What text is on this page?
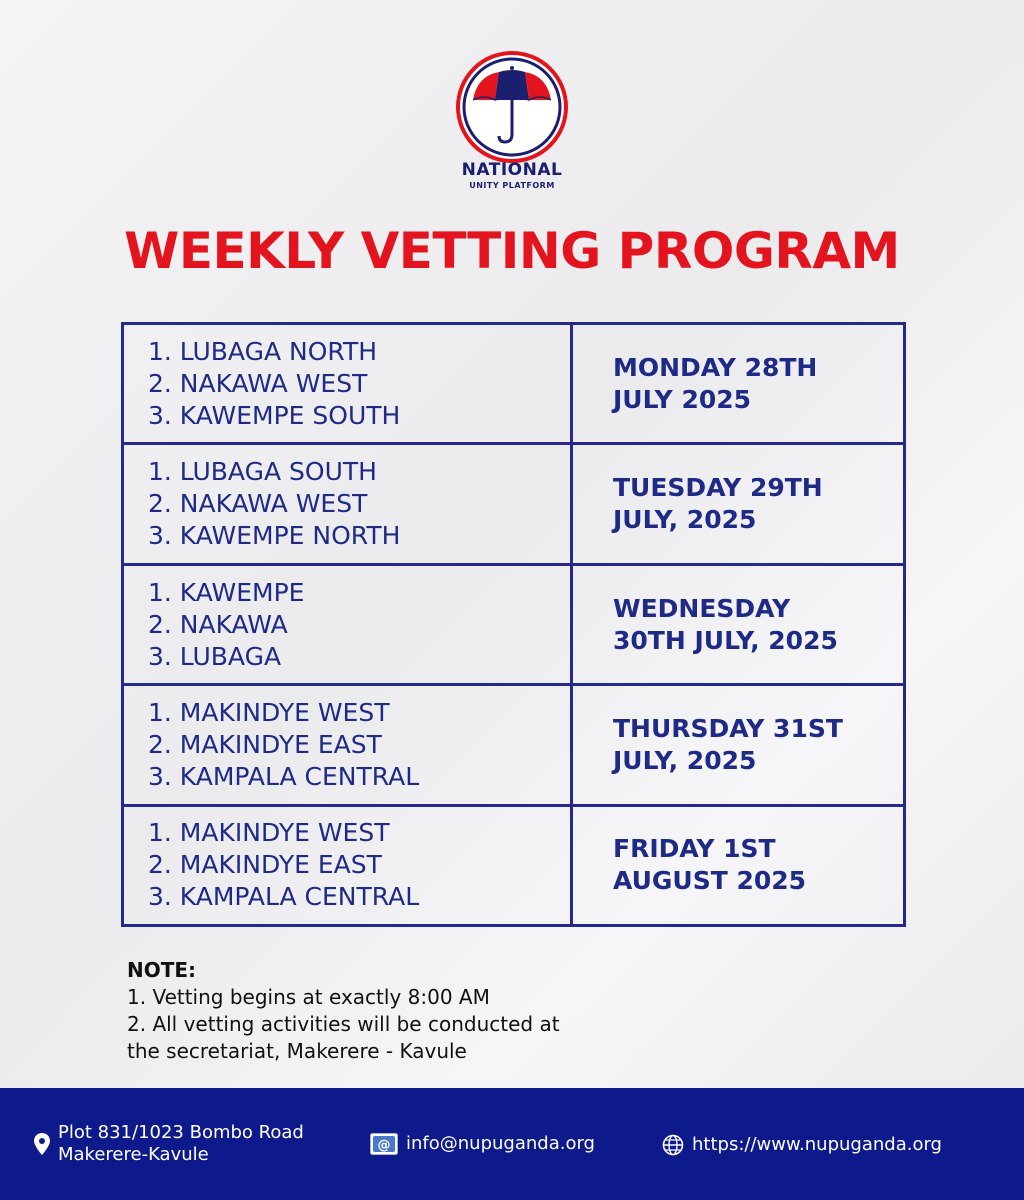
NATIONAL
UNITY PLATFORM
WEEKLY VETTING PROGRAM
1. LUBAGA NORTH
2. NAKAWA WEST
3. KAWEMPE SOUTH
MONDAY 28TH
JULY 2025
1. LUBAGA SOUTH
2. NAKAWA WEST
3. KAWEMPE NORTH
TUESDAY 29TH
JULY, 2025
1. KAWEMPE
2. NAKAWA
3. LUBAGA
WEDNESDAY
30TH JULY, 2025
1. MAKINDYE WEST
2. MAKINDYE EAST
3. KAMPALA CENTRAL
THURSDAY 31ST
JULY, 2025
1. MAKINDYE WEST
2. MAKINDYE EAST
3. KAMPALA CENTRAL
FRIDAY 1ST
AUGUST 2025
NOTE:
1. Vetting begins at exactly 8:00 AM
2. All vetting activities will be conducted at
the secretariat, Makerere - Kavule
Plot 831/1023 Bombo Road
Makerere-Kavule	@ info@nupuganda.org	https://www.nupuganda.org
